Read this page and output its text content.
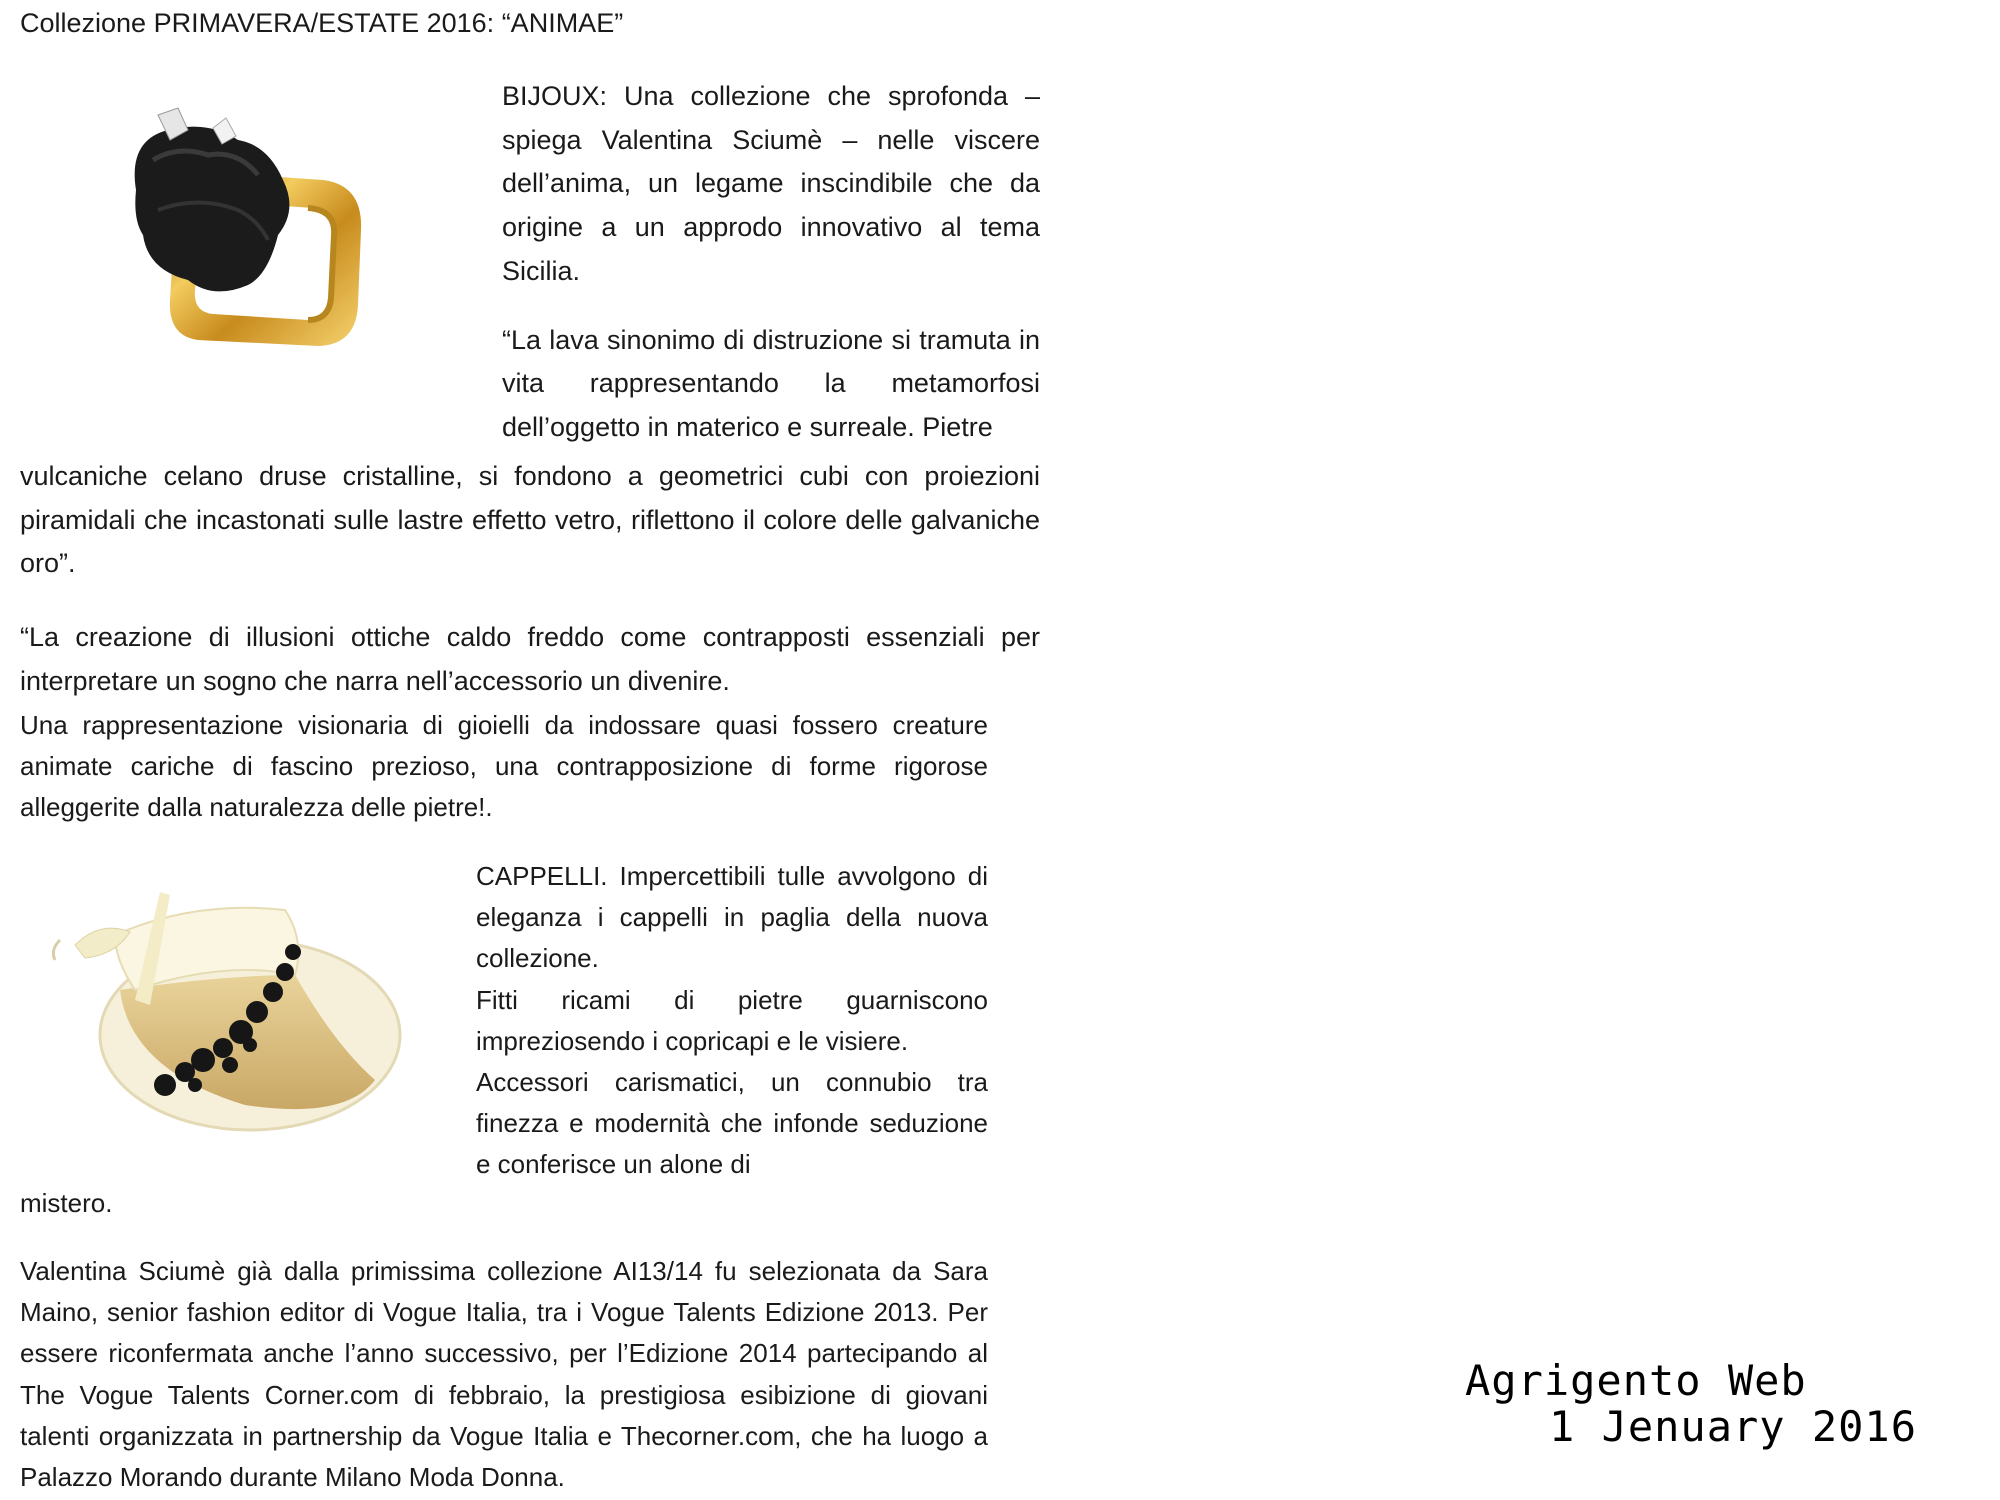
Collezione PRIMAVERA/ESTATE 2016: “ANIMAE”

BIJOUX: Una collezione che sprofonda – spiega Valentina Sciumè – nelle viscere dell’anima, un legame inscindibile che da origine a un approdo innovativo al tema Sicilia.

“La lava sinonimo di distruzione si tramuta in vita rappresentando la metamorfosi dell’oggetto in materico e surreale. Pietre

vulcaniche celano druse cristalline, si fondono a geometrici cubi con proiezioni piramidali che incastonati sulle lastre effetto vetro, riflettono il colore delle galvaniche oro”.

“La creazione di illusioni ottiche caldo freddo come contrapposti essenziali per interpretare un sogno che narra nell’accessorio un divenire.

Una rappresentazione visionaria di gioielli da indossare quasi fossero creature animate cariche di fascino prezioso, una contrapposizione di forme rigorose alleggerite dalla naturalezza delle pietre!.

CAPPELLI. Impercettibili tulle avvolgono di eleganza i cappelli in paglia della nuova collezione.

Fitti ricami di pietre guarniscono impreziosendo i copricapi e le visiere.

Accessori carismatici, un connubio tra finezza e modernità che infonde seduzione e conferisce un alone di

mistero.

Valentina Sciumè già dalla primissima collezione AI13/14 fu selezionata da Sara Maino, senior fashion editor di Vogue Italia, tra i Vogue Talents Edizione 2013. Per essere riconfermata anche l’anno successivo, per l’Edizione 2014 partecipando al The Vogue Talents Corner.com di febbraio, la prestigiosa esibizione di giovani talenti organizzata in partnership da Vogue Italia e Thecorner.com, che ha luogo a Palazzo Morando durante Milano Moda Donna.

Agrigento Web
1 Jenuary 2016
